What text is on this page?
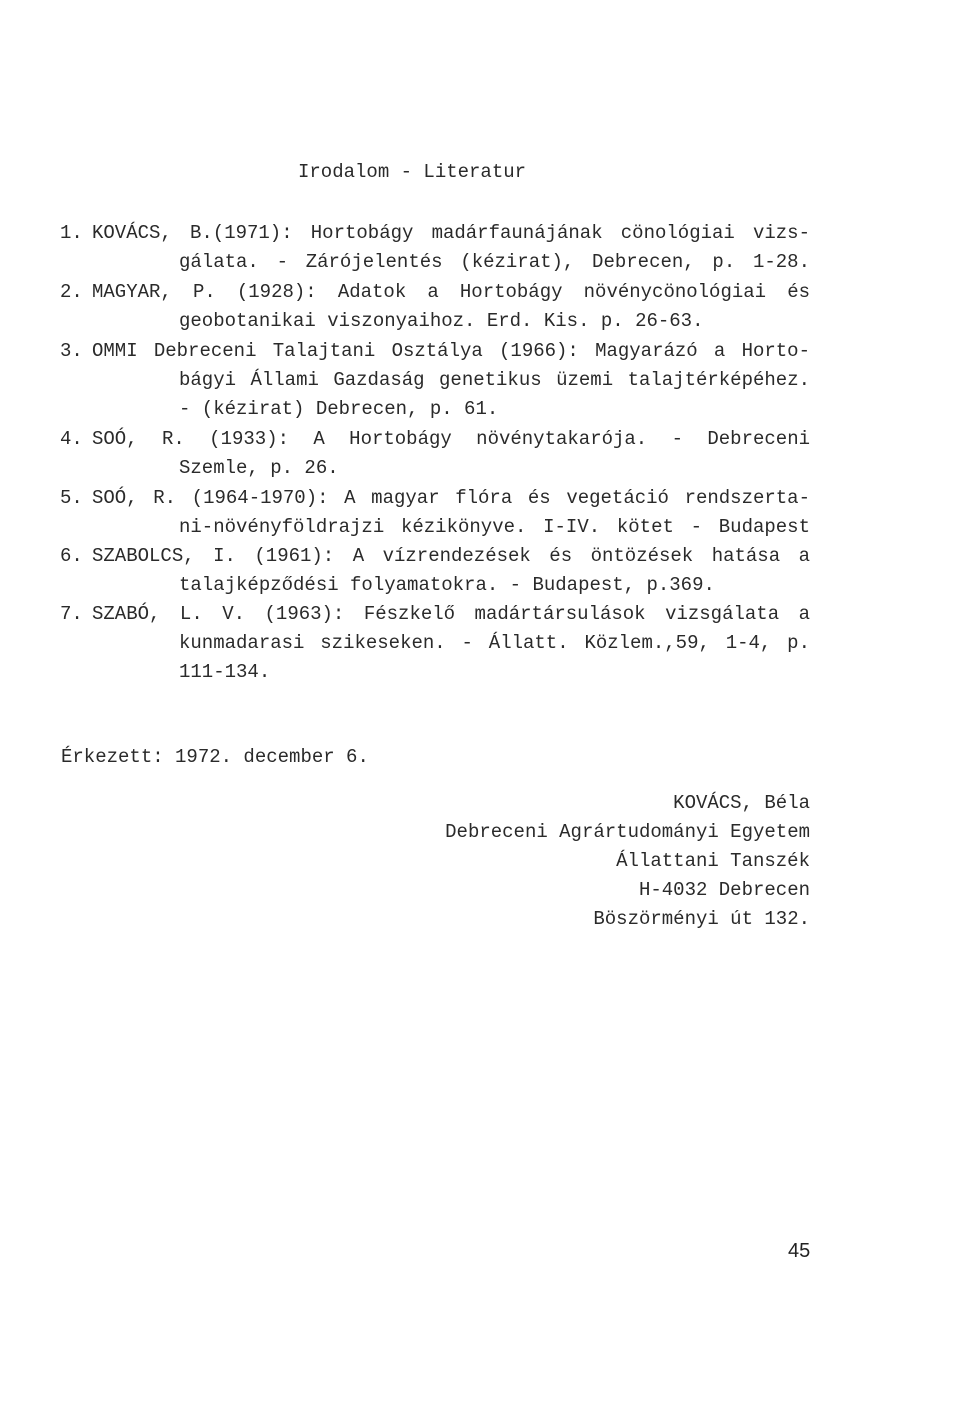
Irodalom - Literatur
1. KOVÁCS, B.(1971): Hortobágy madárfaunájának cönológiai vizs-
gálata. - Zárójelentés (kézirat), Debrecen, p. 1-28.
2. MAGYAR, P. (1928): Adatok a Hortobágy növénycönológiai és
geobotanikai viszonyaihoz. Erd. Kis. p. 26-63.
3. OMMI Debreceni Talajtani Osztálya (1966): Magyarázó a Horto-
bágyi Állami Gazdaság genetikus üzemi talajtérképéhez.
- (kézirat) Debrecen, p. 61.
4. SOÓ, R. (1933): A Hortobágy növénytakarója. - Debreceni
Szemle, p. 26.
5. SOÓ, R. (1964-1970): A magyar flóra és vegetáció rendszerta-
ni-növényföldrajzi kézikönyve. I-IV. kötet - Budapest
6. SZABOLCS, I. (1961): A vízrendezések és öntözések hatása a
talajképződési folyamatokra. - Budapest, p.369.
7. SZABÓ, L. V. (1963): Fészkelő madártársulások vizsgálata a
kunmadarasi szikeseken. - Állatt. Közlem.,59, 1-4, p.
111-134.
Érkezett: 1972. december 6.
KOVÁCS, Béla
Debreceni Agrártudományi Egyetem
Állattani Tanszék
H-4032 Debrecen
Böszörményi út 132.
45
